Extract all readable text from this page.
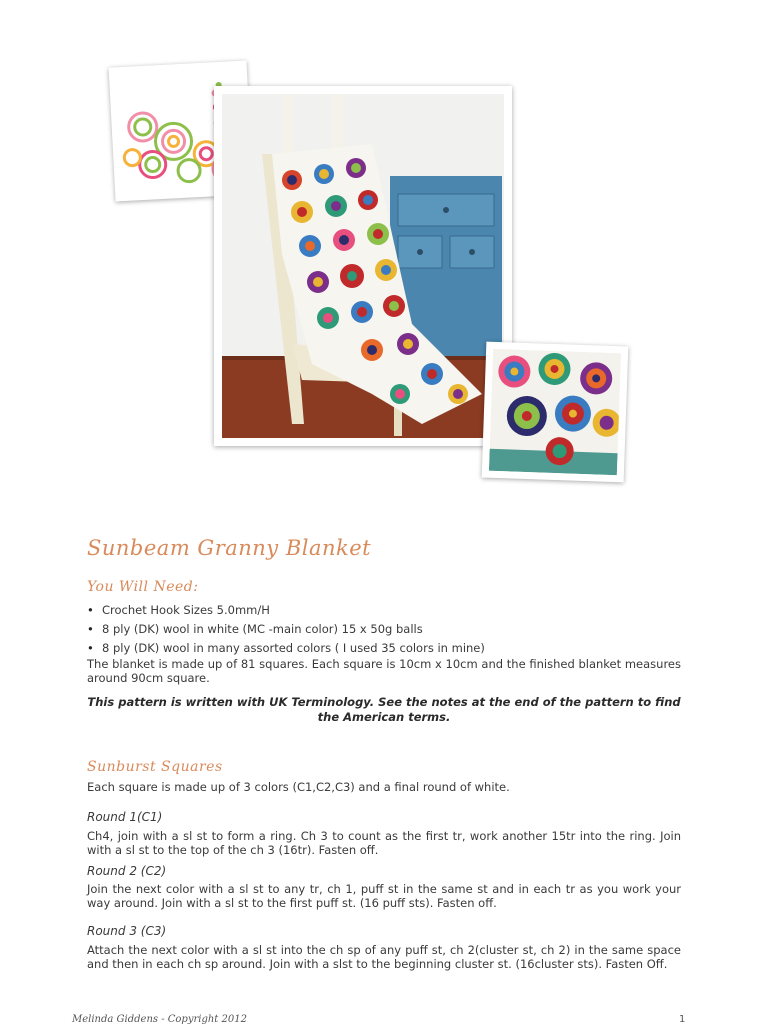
Sunbeam Granny Blanket
You Will Need:
• Crochet Hook Sizes 5.0mm/H
• 8 ply (DK) wool in white (MC -main color) 15 x 50g balls
• 8 ply (DK) wool in many assorted colors ( I used 35 colors in mine)

The blanket is made up of 81 squares. Each square is 10cm x 10cm and the finished blanket measures around 90cm square.

This pattern is written with UK Terminology. See the notes at the end of the pattern to find the American terms.

Sunburst Squares

Each square is made up of 3 colors (C1,C2,C3) and a final round of white.

Round 1(C1)

Ch4, join with a sl st to form a ring. Ch 3 to count as the first tr, work another 15tr into the ring. Join with a sl st to the top of the ch 3 (16tr). Fasten off.

Round 2 (C2)

Join the next color with a sl st to any tr, ch 1, puff st in the same st and in each tr as you work your way around. Join with a sl st to the first puff st. (16 puff sts). Fasten off.

Round 3 (C3)

Attach the next color with a sl st into the ch sp of any puff st, ch 2(cluster st, ch 2) in the same space and then in each ch sp around. Join with a slst to the beginning cluster st. (16cluster sts). Fasten Off.

Melinda Giddens - Copyright 2012	1
